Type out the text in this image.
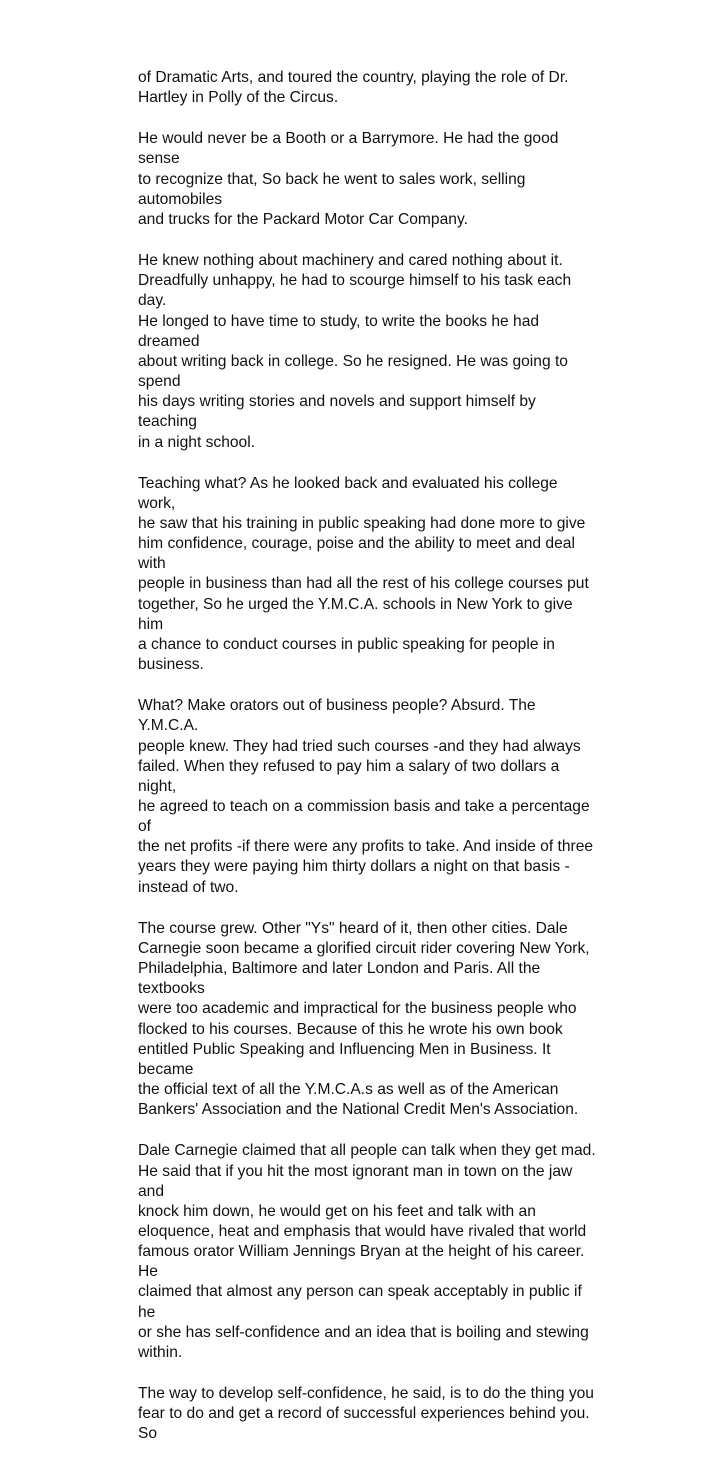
of Dramatic Arts, and toured the country, playing the role of Dr.
Hartley in Polly of the Circus.

He would never be a Booth or a Barrymore. He had the good sense
to recognize that, So back he went to sales work, selling automobiles
and trucks for the Packard Motor Car Company.

He knew nothing about machinery and cared nothing about it.
Dreadfully unhappy, he had to scourge himself to his task each day.
He longed to have time to study, to write the books he had dreamed
about writing back in college. So he resigned. He was going to spend
his days writing stories and novels and support himself by teaching
in a night school.

Teaching what? As he looked back and evaluated his college work,
he saw that his training in public speaking had done more to give
him confidence, courage, poise and the ability to meet and deal with
people in business than had all the rest of his college courses put
together, So he urged the Y.M.C.A. schools in New York to give him
a chance to conduct courses in public speaking for people in
business.

What? Make orators out of business people? Absurd. The Y.M.C.A.
people knew. They had tried such courses -and they had always
failed. When they refused to pay him a salary of two dollars a night,
he agreed to teach on a commission basis and take a percentage of
the net profits -if there were any profits to take. And inside of three
years they were paying him thirty dollars a night on that basis -
instead of two.

The course grew. Other "Ys" heard of it, then other cities. Dale
Carnegie soon became a glorified circuit rider covering New York,
Philadelphia, Baltimore and later London and Paris. All the textbooks
were too academic and impractical for the business people who
flocked to his courses. Because of this he wrote his own book
entitled Public Speaking and Influencing Men in Business. It became
the official text of all the Y.M.C.A.s as well as of the American
Bankers' Association and the National Credit Men's Association.

Dale Carnegie claimed that all people can talk when they get mad.
He said that if you hit the most ignorant man in town on the jaw and
knock him down, he would get on his feet and talk with an
eloquence, heat and emphasis that would have rivaled that world
famous orator William Jennings Bryan at the height of his career. He
claimed that almost any person can speak acceptably in public if he
or she has self-confidence and an idea that is boiling and stewing
within.

The way to develop self-confidence, he said, is to do the thing you
fear to do and get a record of successful experiences behind you. So
